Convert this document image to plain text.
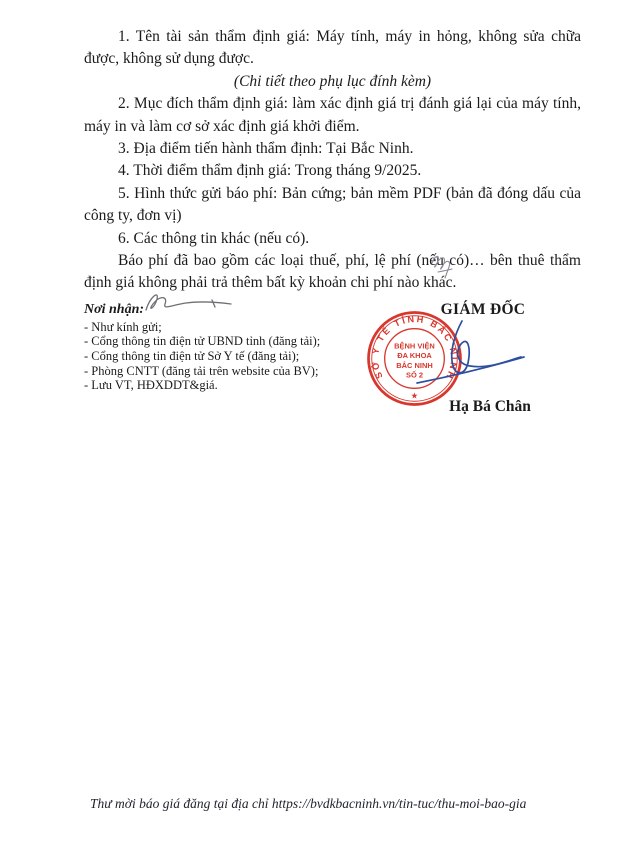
1. Tên tài sản thẩm định giá: Máy tính, máy in hỏng, không sửa chữa được, không sử dụng được.

(Chi tiết theo phụ lục đính kèm)

2. Mục đích thẩm định giá: làm xác định giá trị đánh giá lại của máy tính, máy in và làm cơ sở xác định giá khởi điểm.

3. Địa điểm tiến hành thẩm định: Tại Bắc Ninh.

4. Thời điểm thẩm định giá: Trong tháng 9/2025.

5. Hình thức gửi báo phí: Bản cứng; bản mềm PDF (bản đã đóng dấu của công ty, đơn vị)

6. Các thông tin khác (nếu có).

Báo phí đã bao gồm các loại thuế, phí, lệ phí (nếu có)… bên thuê thẩm định giá không phải trả thêm bất kỳ khoản chi phí nào khác.

Nơi nhận:
- Như kính gửi;
- Cổng thông tin điện tử UBND tỉnh (đăng tải);
- Cổng thông tin điện tử Sở Y tế (đăng tải);
- Phòng CNTT (đăng tải trên website của BV);
- Lưu VT, HĐXDDT&giá.
GIÁM ĐỐC
Hạ Bá Chân
SỞ Y TẾ TỈNH BẮC NINH
BỆNH VIỆN
ĐA KHOA
BẮC NINH
SỐ 2
★
Thư mời báo giá đăng tại địa chỉ https://bvdkbacninh.vn/tin-tuc/thu-moi-bao-gia
